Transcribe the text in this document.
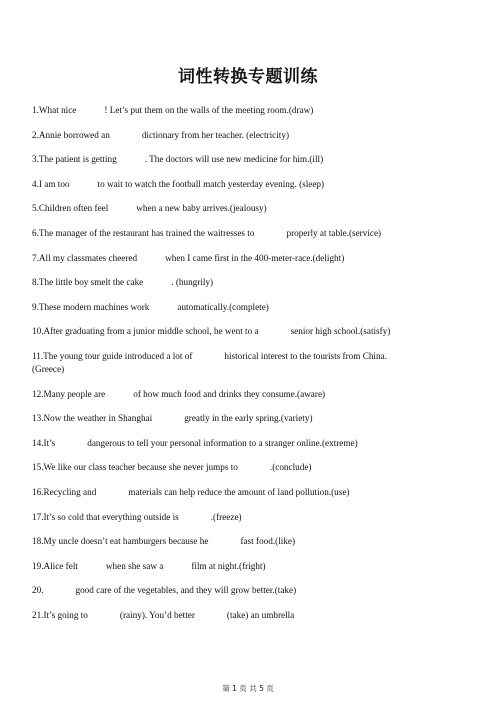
词性转换专题训练

1.What nice	! Let’s put them on the walls of the meeting room.(draw)

2.Annie borrowed an	dictionary from her teacher. (electricity)

3.The patient is getting	. The doctors will use new medicine for him.(ill)

4.I am too	to wait to watch the football match yesterday evening. (sleep)

5.Children often feel	when a new baby arrives.(jealousy)

6.The manager of the restaurant has trained the waitresses to	properly at table.(service)

7.All my classmates cheered	when I came first in the 400-meter-race.(delight)

8.The little boy smelt the cake	. (hungrily)

9.These modern machines work	automatically.(complete)

10.After graduating from a junior middle school, he went to a	senior high school.(satisfy)

11.The young tour guide introduced a lot of	historical interest to the tourists from China.(Greece)

12.Many people are	of how much food and drinks they consume.(aware)

13.Now the weather in Shanghai	greatly in the early spring.(variety)

14.It’s	dangerous to tell your personal information to a stranger online.(extreme)

15.We like our class teacher because she never jumps to	.(conclude)

16.Recycling and	materials can help reduce the amount of land pollution.(use)

17.It’s so cold that everything outside is	.(freeze)

18.My uncle doesn’t eat hamburgers because he	fast food.(like)

19.Alice felt	when she saw a	film at night.(fright)

20.	good care of the vegetables, and they will grow better.(take)

21.It’s going to	(rainy). You’d better	(take) an umbrella

第 1 页 共 5 页
